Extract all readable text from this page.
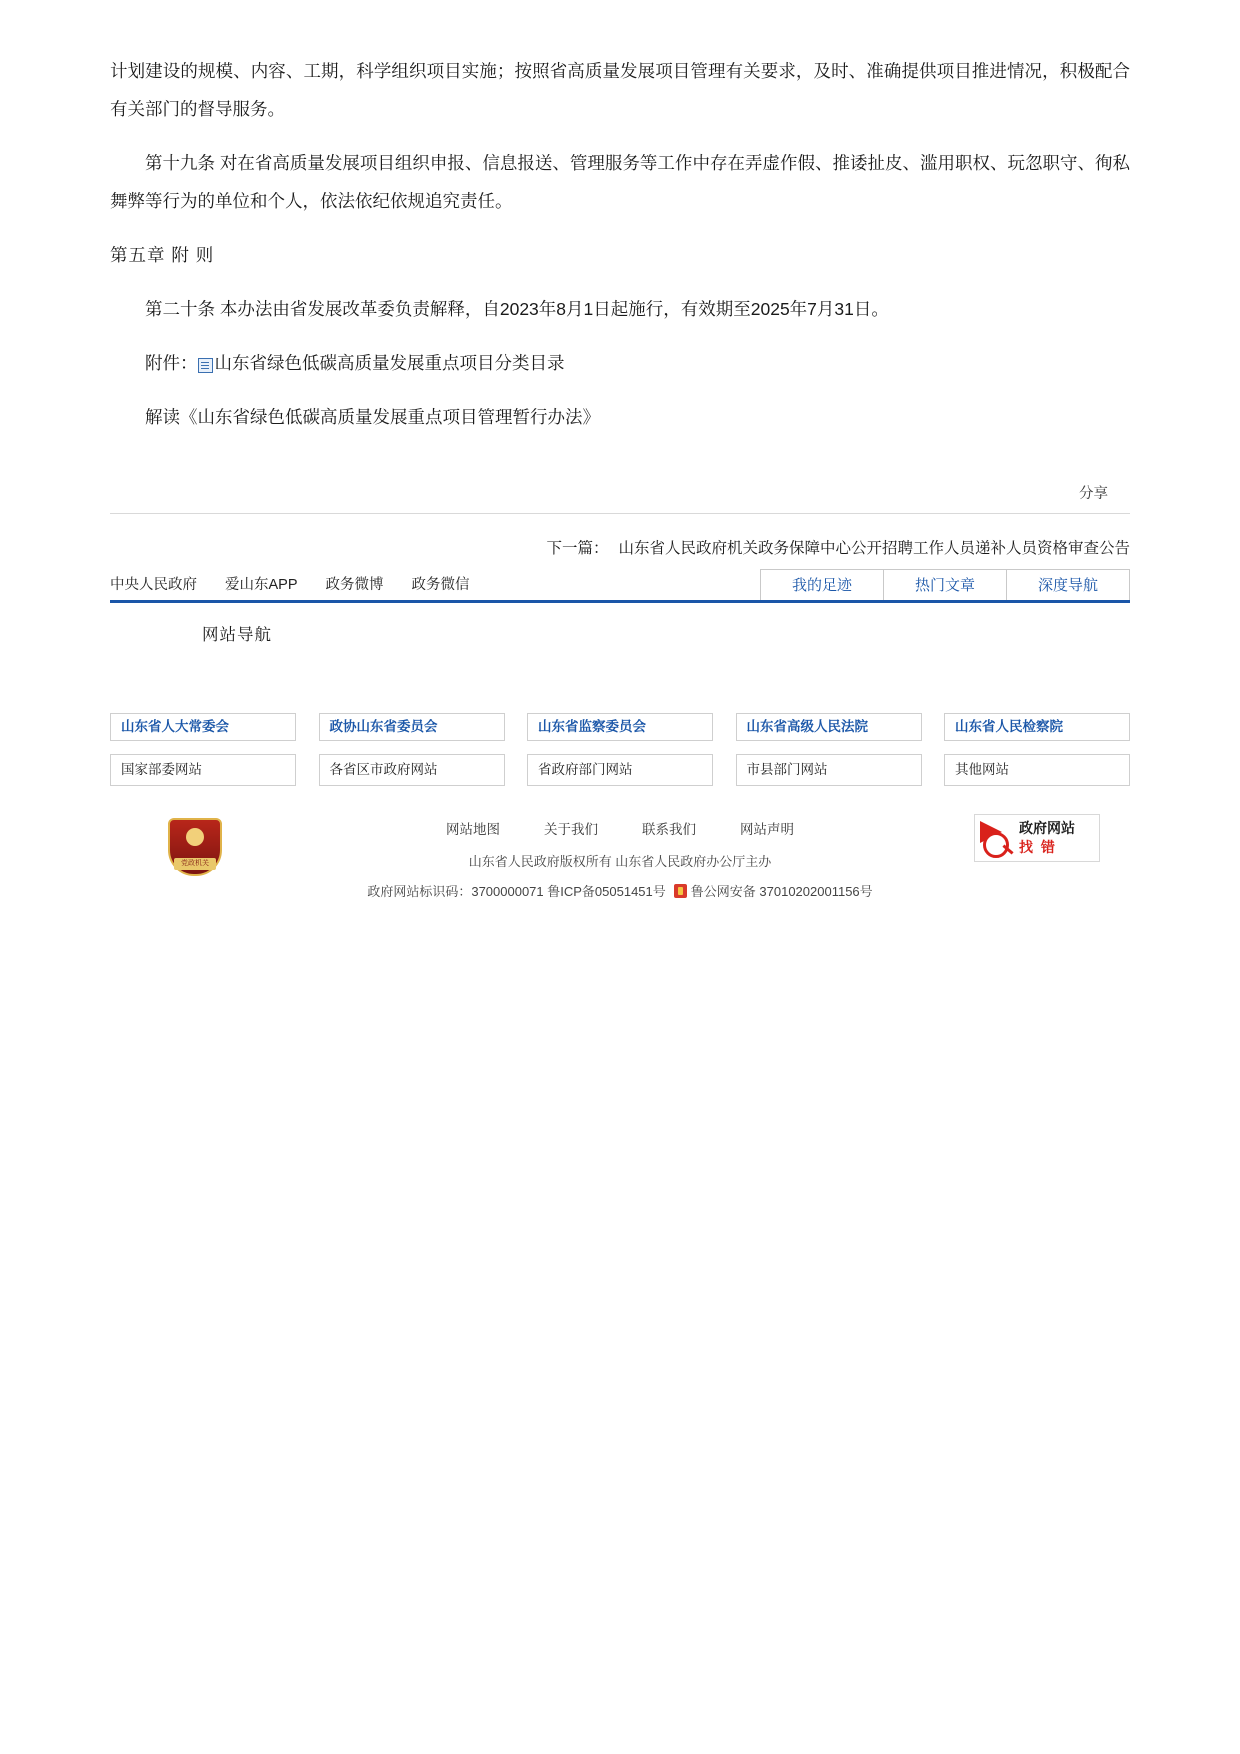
计划建设的规模、内容、工期，科学组织项目实施；按照省高质量发展项目管理有关要求，及时、准确提供项目推进情况，积极配合有关部门的督导服务。

第十九条 对在省高质量发展项目组织申报、信息报送、管理服务等工作中存在弄虚作假、推诿扯皮、滥用职权、玩忽职守、徇私舞弊等行为的单位和个人，依法依纪依规追究责任。

第五章 附 则

第二十条 本办法由省发展改革委负责解释，自2023年8月1日起施行，有效期至2025年7月31日。

附件： 山东省绿色低碳高质量发展重点项目分类目录

解读《山东省绿色低碳高质量发展重点项目管理暂行办法》

分享
下一篇： 山东省人民政府机关政务保障中心公开招聘工作人员递补人员资格审查公告
中央人民政府 爱山东APP 政务微博 政务微信	我的足迹	热门文章	深度导航
网站导航
山东省人大常委会	政协山东省委员会	山东省监察委员会	山东省高级人民法院	山东省人民检察院
国家部委网站	各省区市政府网站	省政府部门网站	市县部门网站	其他网站
党政机关
网站地图	关于我们	联系我们	网站声明
山东省人民政府版权所有 山东省人民政府办公厅主办
政府网站标识码：3700000071 鲁ICP备05051451号 鲁公网安备 37010202001156号
政府网站
找 错
